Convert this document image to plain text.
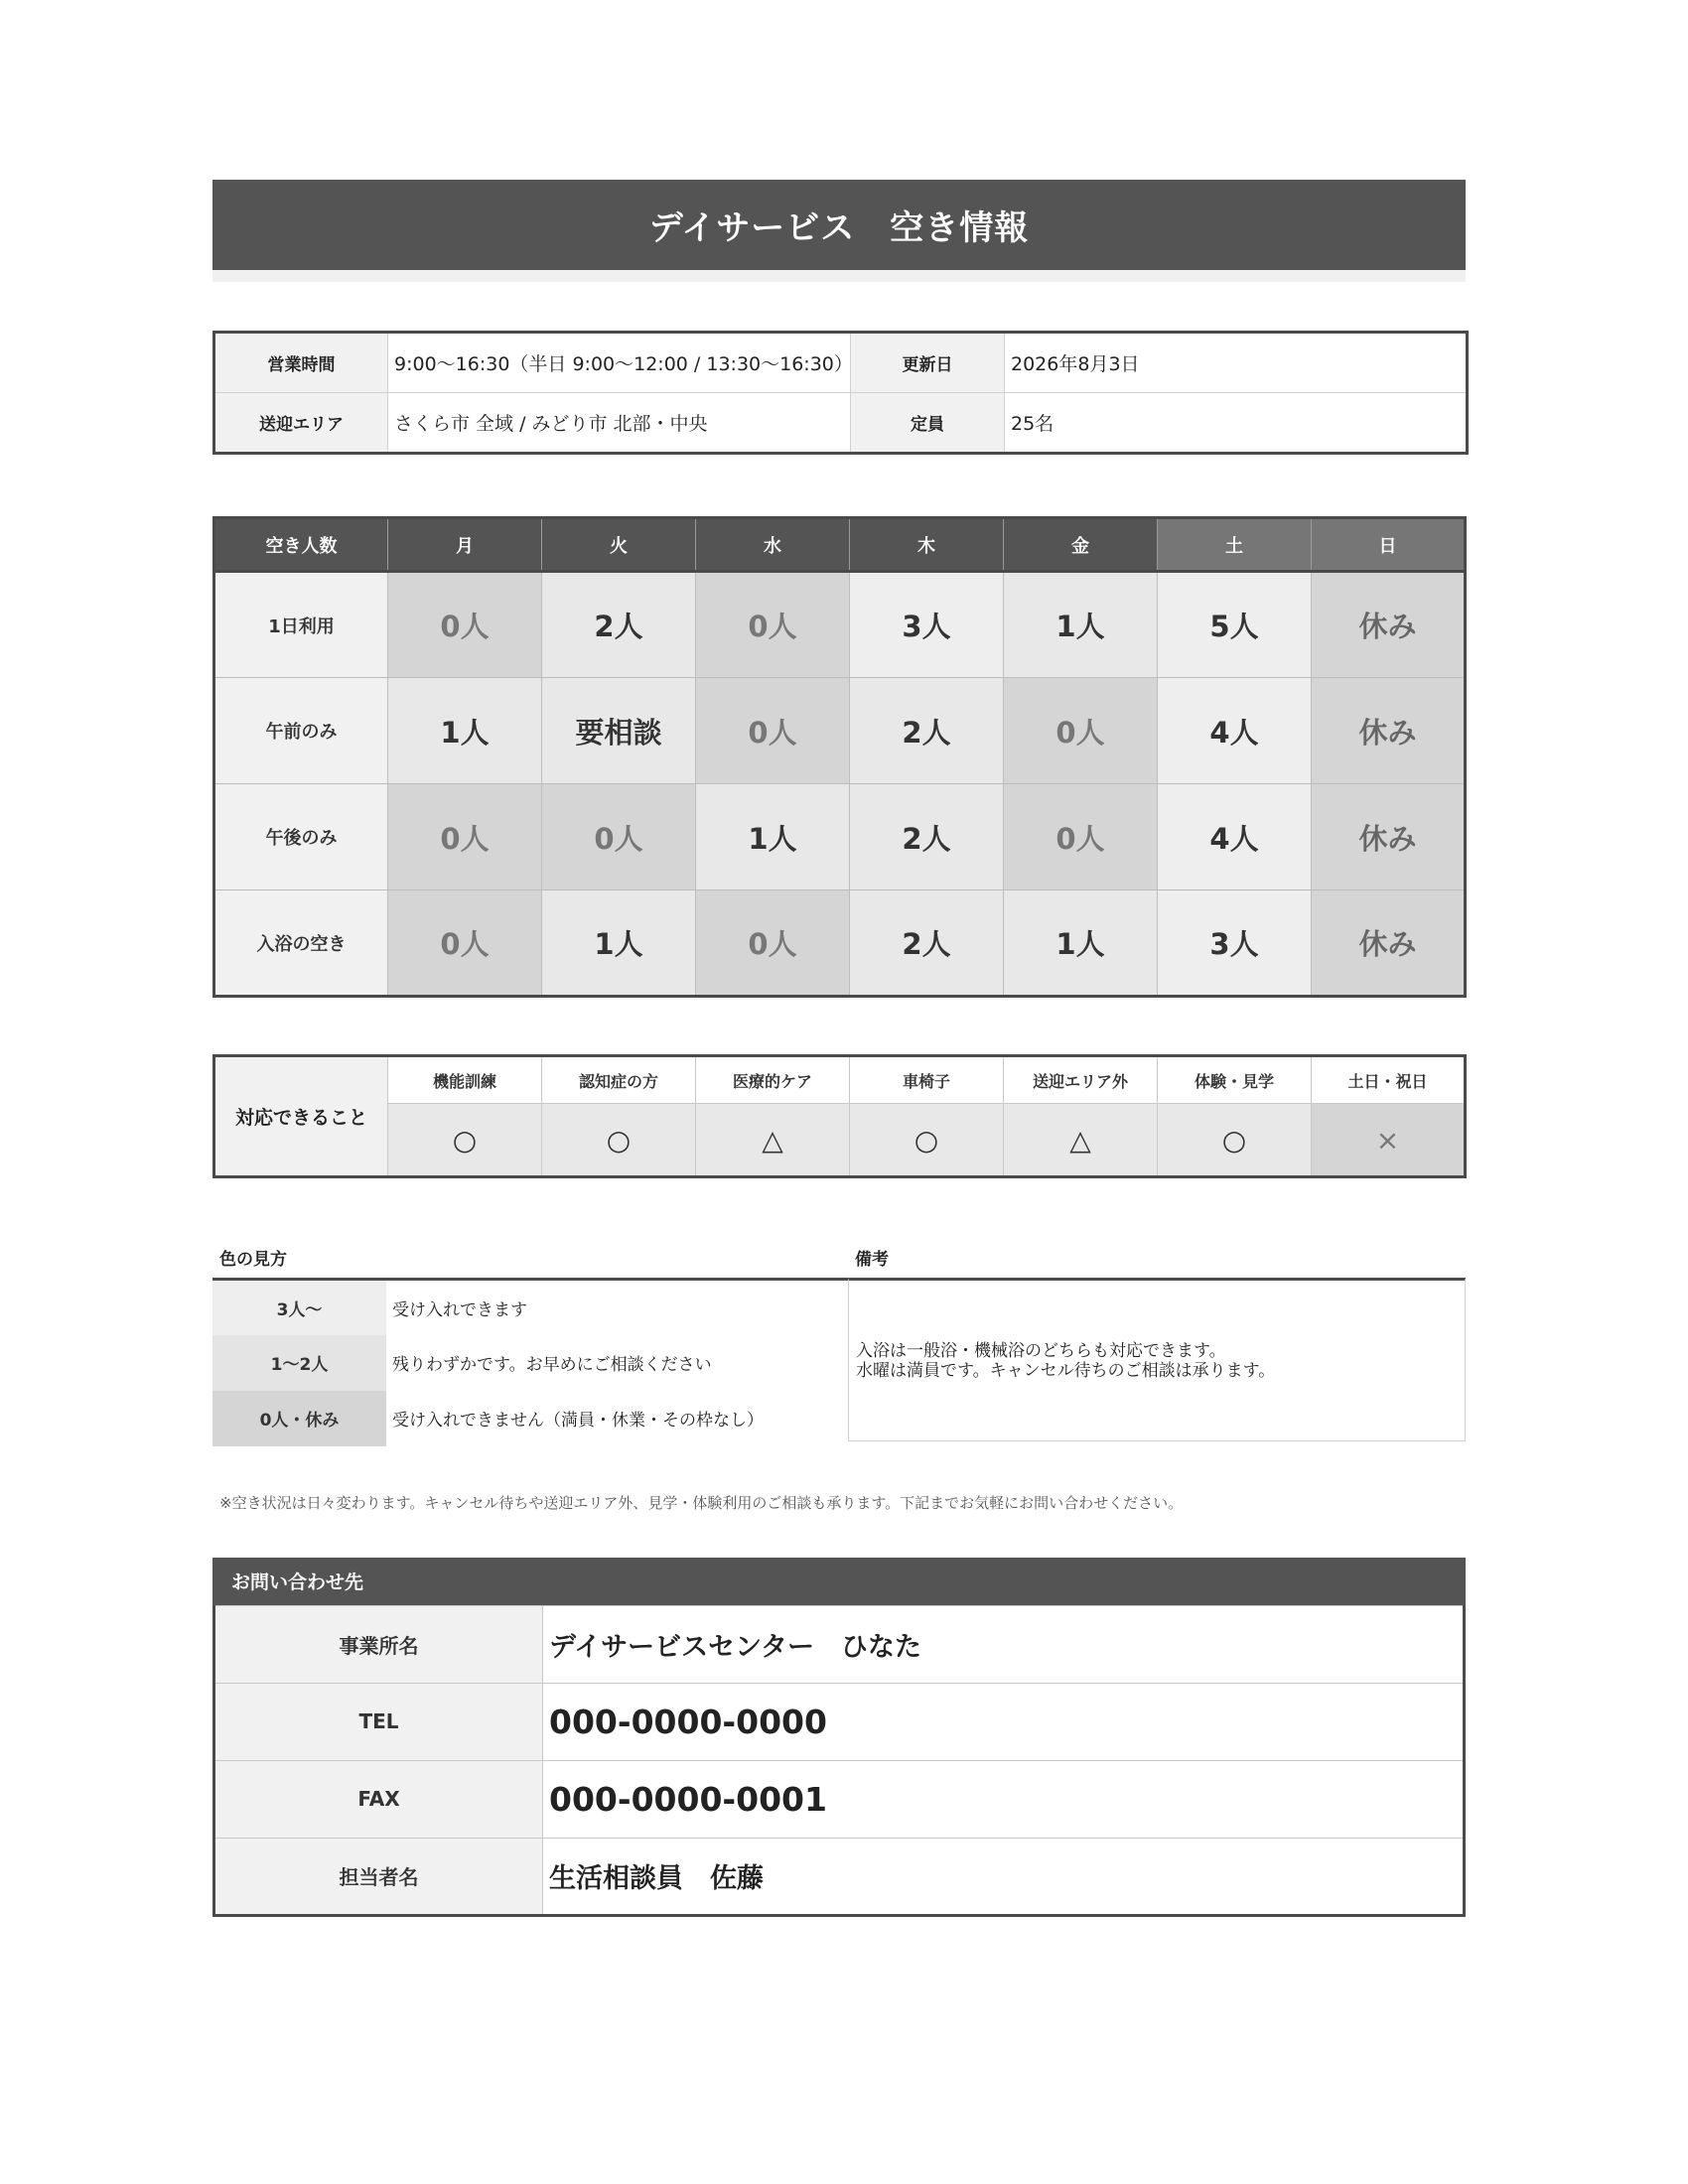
デイサービス　空き情報
営業時間	9:00〜16:30（半日 9:00〜12:00 / 13:30〜16:30）	更新日	2026年8月3日
送迎エリア	さくら市 全域 / みどり市 北部・中央	定員	25名
空き人数	月	火	水	木	金	土	日
1日利用	0人	2人	0人	3人	1人	5人	休み
午前のみ	1人	要相談	0人	2人	0人	4人	休み
午後のみ	0人	0人	1人	2人	0人	4人	休み
入浴の空き	0人	1人	0人	2人	1人	3人	休み
対応できること	機能訓練	認知症の方	医療的ケア	車椅子	送迎エリア外	体験・見学	土日・祝日
	○	○	△	○	△	○	×
色の見方
3人〜	受け入れできます
1〜2人	残りわずかです。お早めにご相談ください
0人・休み	受け入れできません（満員・休業・その枠なし）
備考
入浴は一般浴・機械浴のどちらも対応できます。
水曜は満員です。キャンセル待ちのご相談は承ります。
※空き状況は日々変わります。キャンセル待ちや送迎エリア外、見学・体験利用のご相談も承ります。下記までお気軽にお問い合わせください。
お問い合わせ先
事業所名	デイサービスセンター　ひなた
TEL	000-0000-0000
FAX	000-0000-0001
担当者名	生活相談員　佐藤
